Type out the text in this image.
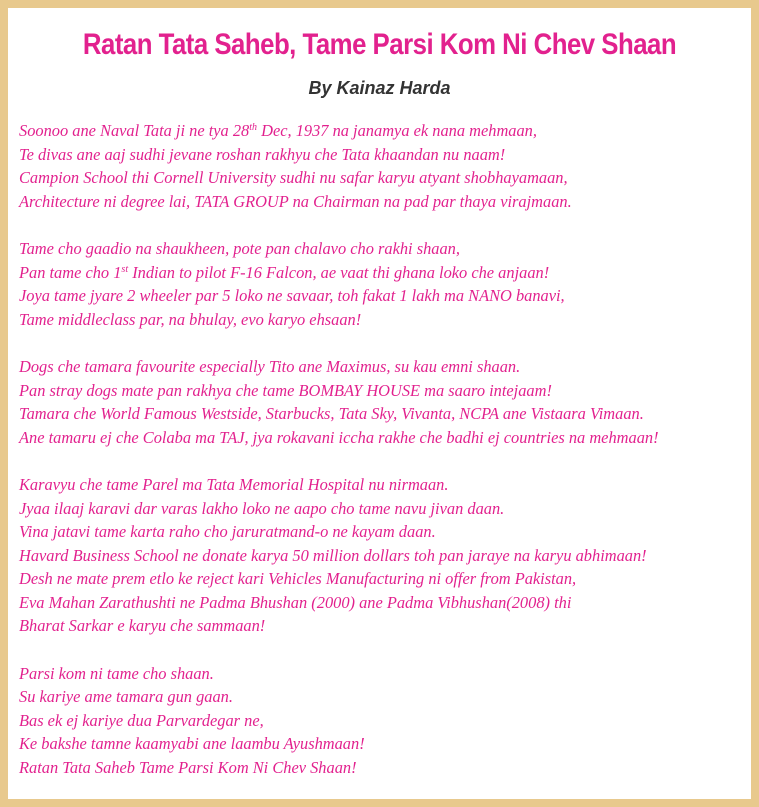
Ratan Tata Saheb, Tame Parsi Kom Ni Chev Shaan
By Kainaz Harda

Soonoo ane Naval Tata ji ne tya 28th Dec, 1937 na janamya ek nana mehmaan,
Te divas ane aaj sudhi jevane roshan rakhyu che Tata khaandan nu naam!
Campion School thi Cornell University sudhi nu safar karyu atyant shobhayamaan,
Architecture ni degree lai, TATA GROUP na Chairman na pad par thaya virajmaan.

Tame cho gaadio na shaukheen, pote pan chalavo cho rakhi shaan,
Pan tame cho 1st Indian to pilot F-16 Falcon, ae vaat thi ghana loko che anjaan!
Joya tame jyare 2 wheeler par 5 loko ne savaar, toh fakat 1 lakh ma NANO banavi,
Tame middleclass par, na bhulay, evo karyo ehsaan!

Dogs che tamara favourite especially Tito ane Maximus, su kau emni shaan.
Pan stray dogs mate pan rakhya che tame BOMBAY HOUSE ma saaro intejaam!
Tamara che World Famous Westside, Starbucks, Tata Sky, Vivanta, NCPA ane Vistaara Vimaan.
Ane tamaru ej che Colaba ma TAJ, jya rokavani iccha rakhe che badhi ej countries na mehmaan!

Karavyu che tame Parel ma Tata Memorial Hospital nu nirmaan.
Jyaa ilaaj karavi dar varas lakho loko ne aapo cho tame navu jivan daan.
Vina jatavi tame karta raho cho jaruratmand-o ne kayam daan.
Havard Business School ne donate karya 50 million dollars toh pan jaraye na karyu abhimaan!
Desh ne mate prem etlo ke reject kari Vehicles Manufacturing ni offer from Pakistan,
Eva Mahan Zarathushti ne Padma Bhushan (2000) ane Padma Vibhushan(2008) thi
Bharat Sarkar e karyu che sammaan!

Parsi kom ni tame cho shaan.
Su kariye ame tamara gun gaan.
Bas ek ej kariye dua Parvardegar ne,
Ke bakshe tamne kaamyabi ane laambu Ayushmaan!
Ratan Tata Saheb Tame Parsi Kom Ni Chev Shaan!
